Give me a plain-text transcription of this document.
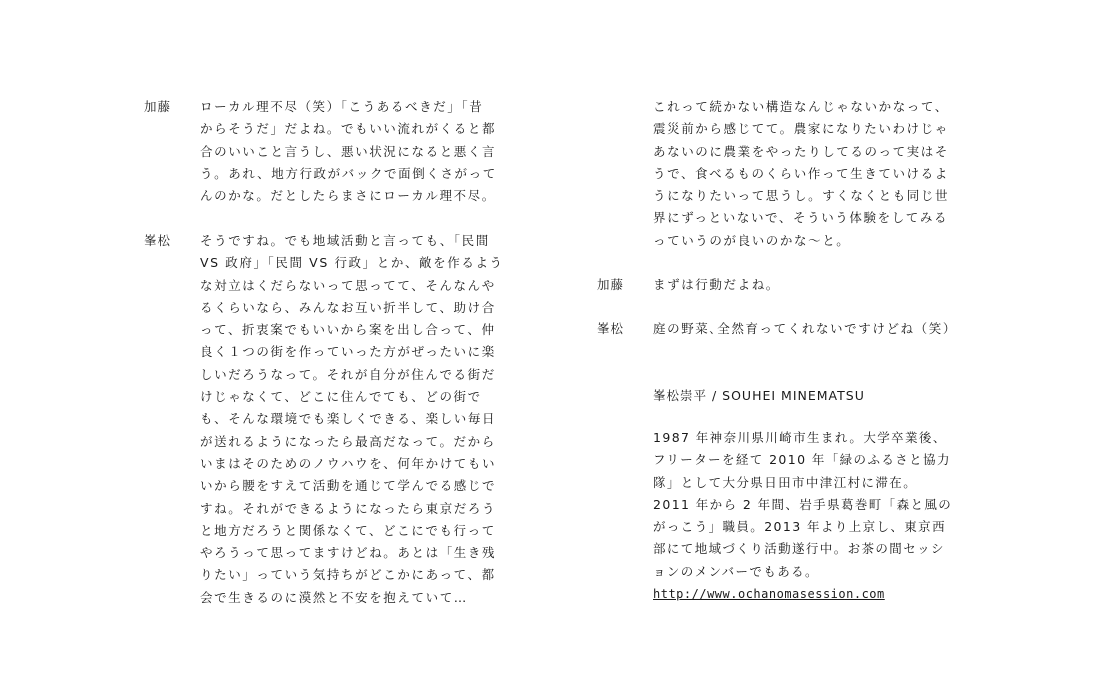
加藤 ローカル理不尽（笑）「こうあるべきだ」「昔
からそうだ」だよね。でもいい流れがくると都
合のいいこと言うし、悪い状況になると悪く言
う。あれ、地方行政がバックで面倒くさがって
んのかな。だとしたらまさにローカル理不尽。
峯松 そうですね。でも地域活動と言っても、「民間
VS 政府」「民間 VS 行政」とか、敵を作るよう
な対立はくだらないって思ってて、そんなんや
るくらいなら、みんなお互い折半して、助け合
って、折衷案でもいいから案を出し合って、仲
良く１つの街を作っていった方がぜったいに楽
しいだろうなって。それが自分が住んでる街だ
けじゃなくて、どこに住んでても、どの街で
も、そんな環境でも楽しくできる、楽しい毎日
が送れるようになったら最高だなって。だから
いまはそのためのノウハウを、何年かけてもい
いから腰をすえて活動を通じて学んでる感じで
すね。それができるようになったら東京だろう
と地方だろうと関係なくて、どこにでも行って
やろうって思ってますけどね。あとは「生き残
りたい」っていう気持ちがどこかにあって、都
会で生きるのに漠然と不安を抱えていて…
これって続かない構造なんじゃないかなって、
震災前から感じてて。農家になりたいわけじゃ
あないのに農業をやったりしてるのって実はそ
うで、食べるものくらい作って生きていけるよ
うになりたいって思うし。すくなくとも同じ世
界にずっといないで、そういう体験をしてみる
っていうのが良いのかな〜と。
加藤 まずは行動だよね。
峯松 庭の野菜､全然育ってくれないですけどね（笑）
峯松崇平 / SOUHEI MINEMATSU
1987 年神奈川県川崎市生まれ。大学卒業後、
フリーターを経て 2010 年「緑のふるさと協力
隊」として大分県日田市中津江村に滞在。
2011 年から 2 年間、岩手県葛巻町「森と風の
がっこう」職員。2013 年より上京し、東京西
部にて地域づくり活動遂行中。お茶の間セッシ
ョンのメンバーでもある。
http://www.ochanomasession.com
